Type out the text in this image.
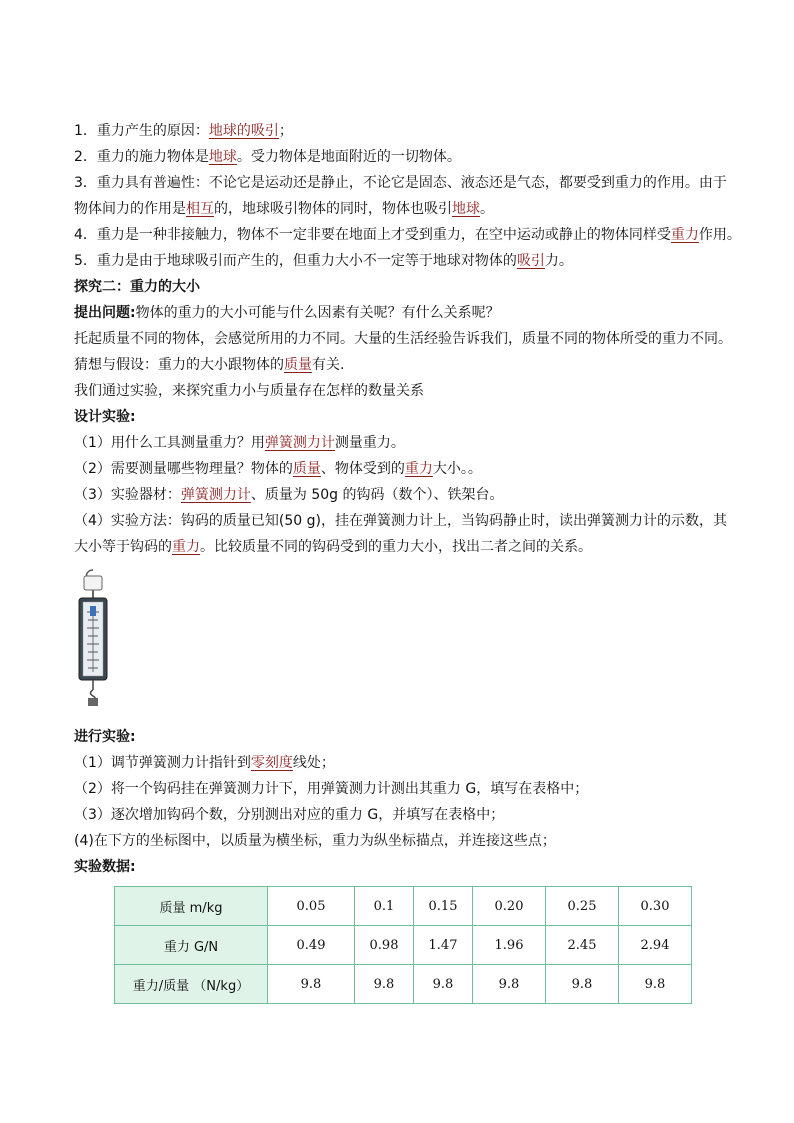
1．重力产生的原因：地球的吸引；
2．重力的施力物体是地球。受力物体是地面附近的一切物体。
3．重力具有普遍性：不论它是运动还是静止，不论它是固态、液态还是气态，都要受到重力的作用。由于
物体间力的作用是相互的，地球吸引物体的同时，物体也吸引地球。
4．重力是一种非接触力，物体不一定非要在地面上才受到重力，在空中运动或静止的物体同样受重力作用。
5．重力是由于地球吸引而产生的，但重力大小不一定等于地球对物体的吸引力。
探究二：重力的大小
提出问题:物体的重力的大小可能与什么因素有关呢？有什么关系呢？
托起质量不同的物体，会感觉所用的力不同。大量的生活经验告诉我们，质量不同的物体所受的重力不同。
猜想与假设：重力的大小跟物体的质量有关.
我们通过实验，来探究重力小与质量存在怎样的数量关系
设计实验:
（1）用什么工具测量重力？用弹簧测力计测量重力。
（2）需要测量哪些物理量？物体的质量、物体受到的重力大小。。
（3）实验器材：弹簧测力计、质量为 50g 的钩码（数个）、铁架台。
（4）实验方法：钩码的质量已知(50 g)，挂在弹簧测力计上，当钩码静止时，读出弹簧测力计的示数，其
大小等于钩码的重力。比较质量不同的钩码受到的重力大小，找出二者之间的关系。
进行实验:
（1）调节弹簧测力计指针到零刻度线处；
（2）将一个钩码挂在弹簧测力计下，用弹簧测力计测出其重力 G，填写在表格中；
（3）逐次增加钩码个数，分别测出对应的重力 G，并填写在表格中；
(4)在下方的坐标图中，以质量为横坐标，重力为纵坐标描点，并连接这些点；
实验数据:
质量 m/kg	0.05	0.1	0.15	0.20	0.25	0.30
重力 G/N	0.49	0.98	1.47	1.96	2.45	2.94
重力/质量 （N/kg）	9.8	9.8	9.8	9.8	9.8	9.8
